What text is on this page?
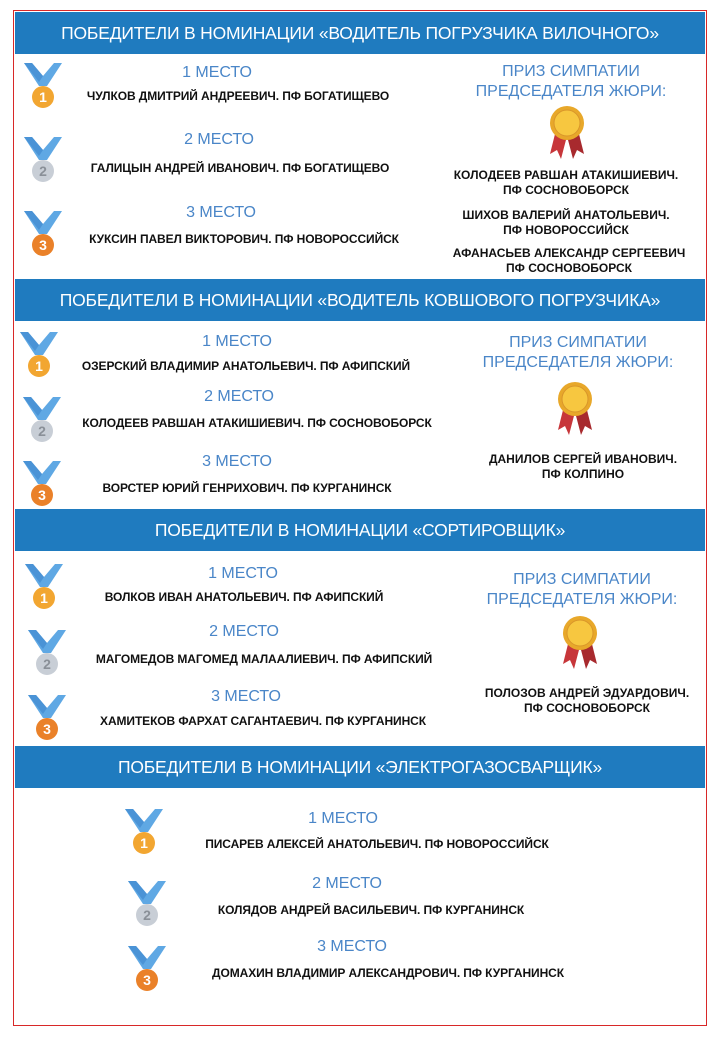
ПОБЕДИТЕЛИ В НОМИНАЦИИ «ВОДИТЕЛЬ ПОГРУЗЧИКА ВИЛОЧНОГО»
1 МЕСТО
ЧУЛКОВ ДМИТРИЙ АНДРЕЕВИЧ. ПФ БОГАТИЩЕВО
2 МЕСТО
ГАЛИЦЫН АНДРЕЙ ИВАНОВИЧ. ПФ БОГАТИЩЕВО
3 МЕСТО
КУКСИН ПАВЕЛ ВИКТОРОВИЧ. ПФ НОВОРОССИЙСК
ПРИЗ СИМПАТИИ
ПРЕДСЕДАТЕЛЯ ЖЮРИ:
КОЛОДЕЕВ РАВШАН АТАКИШИЕВИЧ.
ПФ СОСНОВОБОРСК
ШИХОВ ВАЛЕРИЙ АНАТОЛЬЕВИЧ.
ПФ НОВОРОССИЙСК
АФАНАСЬЕВ АЛЕКСАНДР СЕРГЕЕВИЧ
ПФ СОСНОВОБОРСК
ПОБЕДИТЕЛИ В НОМИНАЦИИ «ВОДИТЕЛЬ КОВШОВОГО ПОГРУЗЧИКА»
1 МЕСТО
ОЗЕРСКИЙ ВЛАДИМИР АНАТОЛЬЕВИЧ. ПФ АФИПСКИЙ
2 МЕСТО
КОЛОДЕЕВ РАВШАН АТАКИШИЕВИЧ. ПФ СОСНОВОБОРСК
3 МЕСТО
ВОРСТЕР ЮРИЙ ГЕНРИХОВИЧ. ПФ КУРГАНИНСК
ПРИЗ СИМПАТИИ
ПРЕДСЕДАТЕЛЯ ЖЮРИ:
ДАНИЛОВ СЕРГЕЙ ИВАНОВИЧ.
ПФ КОЛПИНО
ПОБЕДИТЕЛИ В НОМИНАЦИИ «СОРТИРОВЩИК»
1 МЕСТО
ВОЛКОВ ИВАН АНАТОЛЬЕВИЧ. ПФ АФИПСКИЙ
2 МЕСТО
МАГОМЕДОВ МАГОМЕД МАЛААЛИЕВИЧ. ПФ АФИПСКИЙ
3 МЕСТО
ХАМИТЕКОВ ФАРХАТ САГАНТАЕВИЧ. ПФ КУРГАНИНСК
ПРИЗ СИМПАТИИ
ПРЕДСЕДАТЕЛЯ ЖЮРИ:
ПОЛОЗОВ АНДРЕЙ ЭДУАРДОВИЧ.
ПФ СОСНОВОБОРСК
ПОБЕДИТЕЛИ В НОМИНАЦИИ «ЭЛЕКТРОГАЗОСВАРЩИК»
1 МЕСТО
ПИСАРЕВ АЛЕКСЕЙ АНАТОЛЬЕВИЧ. ПФ НОВОРОССИЙСК
2 МЕСТО
КОЛЯДОВ АНДРЕЙ ВАСИЛЬЕВИЧ. ПФ КУРГАНИНСК
3 МЕСТО
ДОМАХИН ВЛАДИМИР АЛЕКСАНДРОВИЧ. ПФ КУРГАНИНСК
